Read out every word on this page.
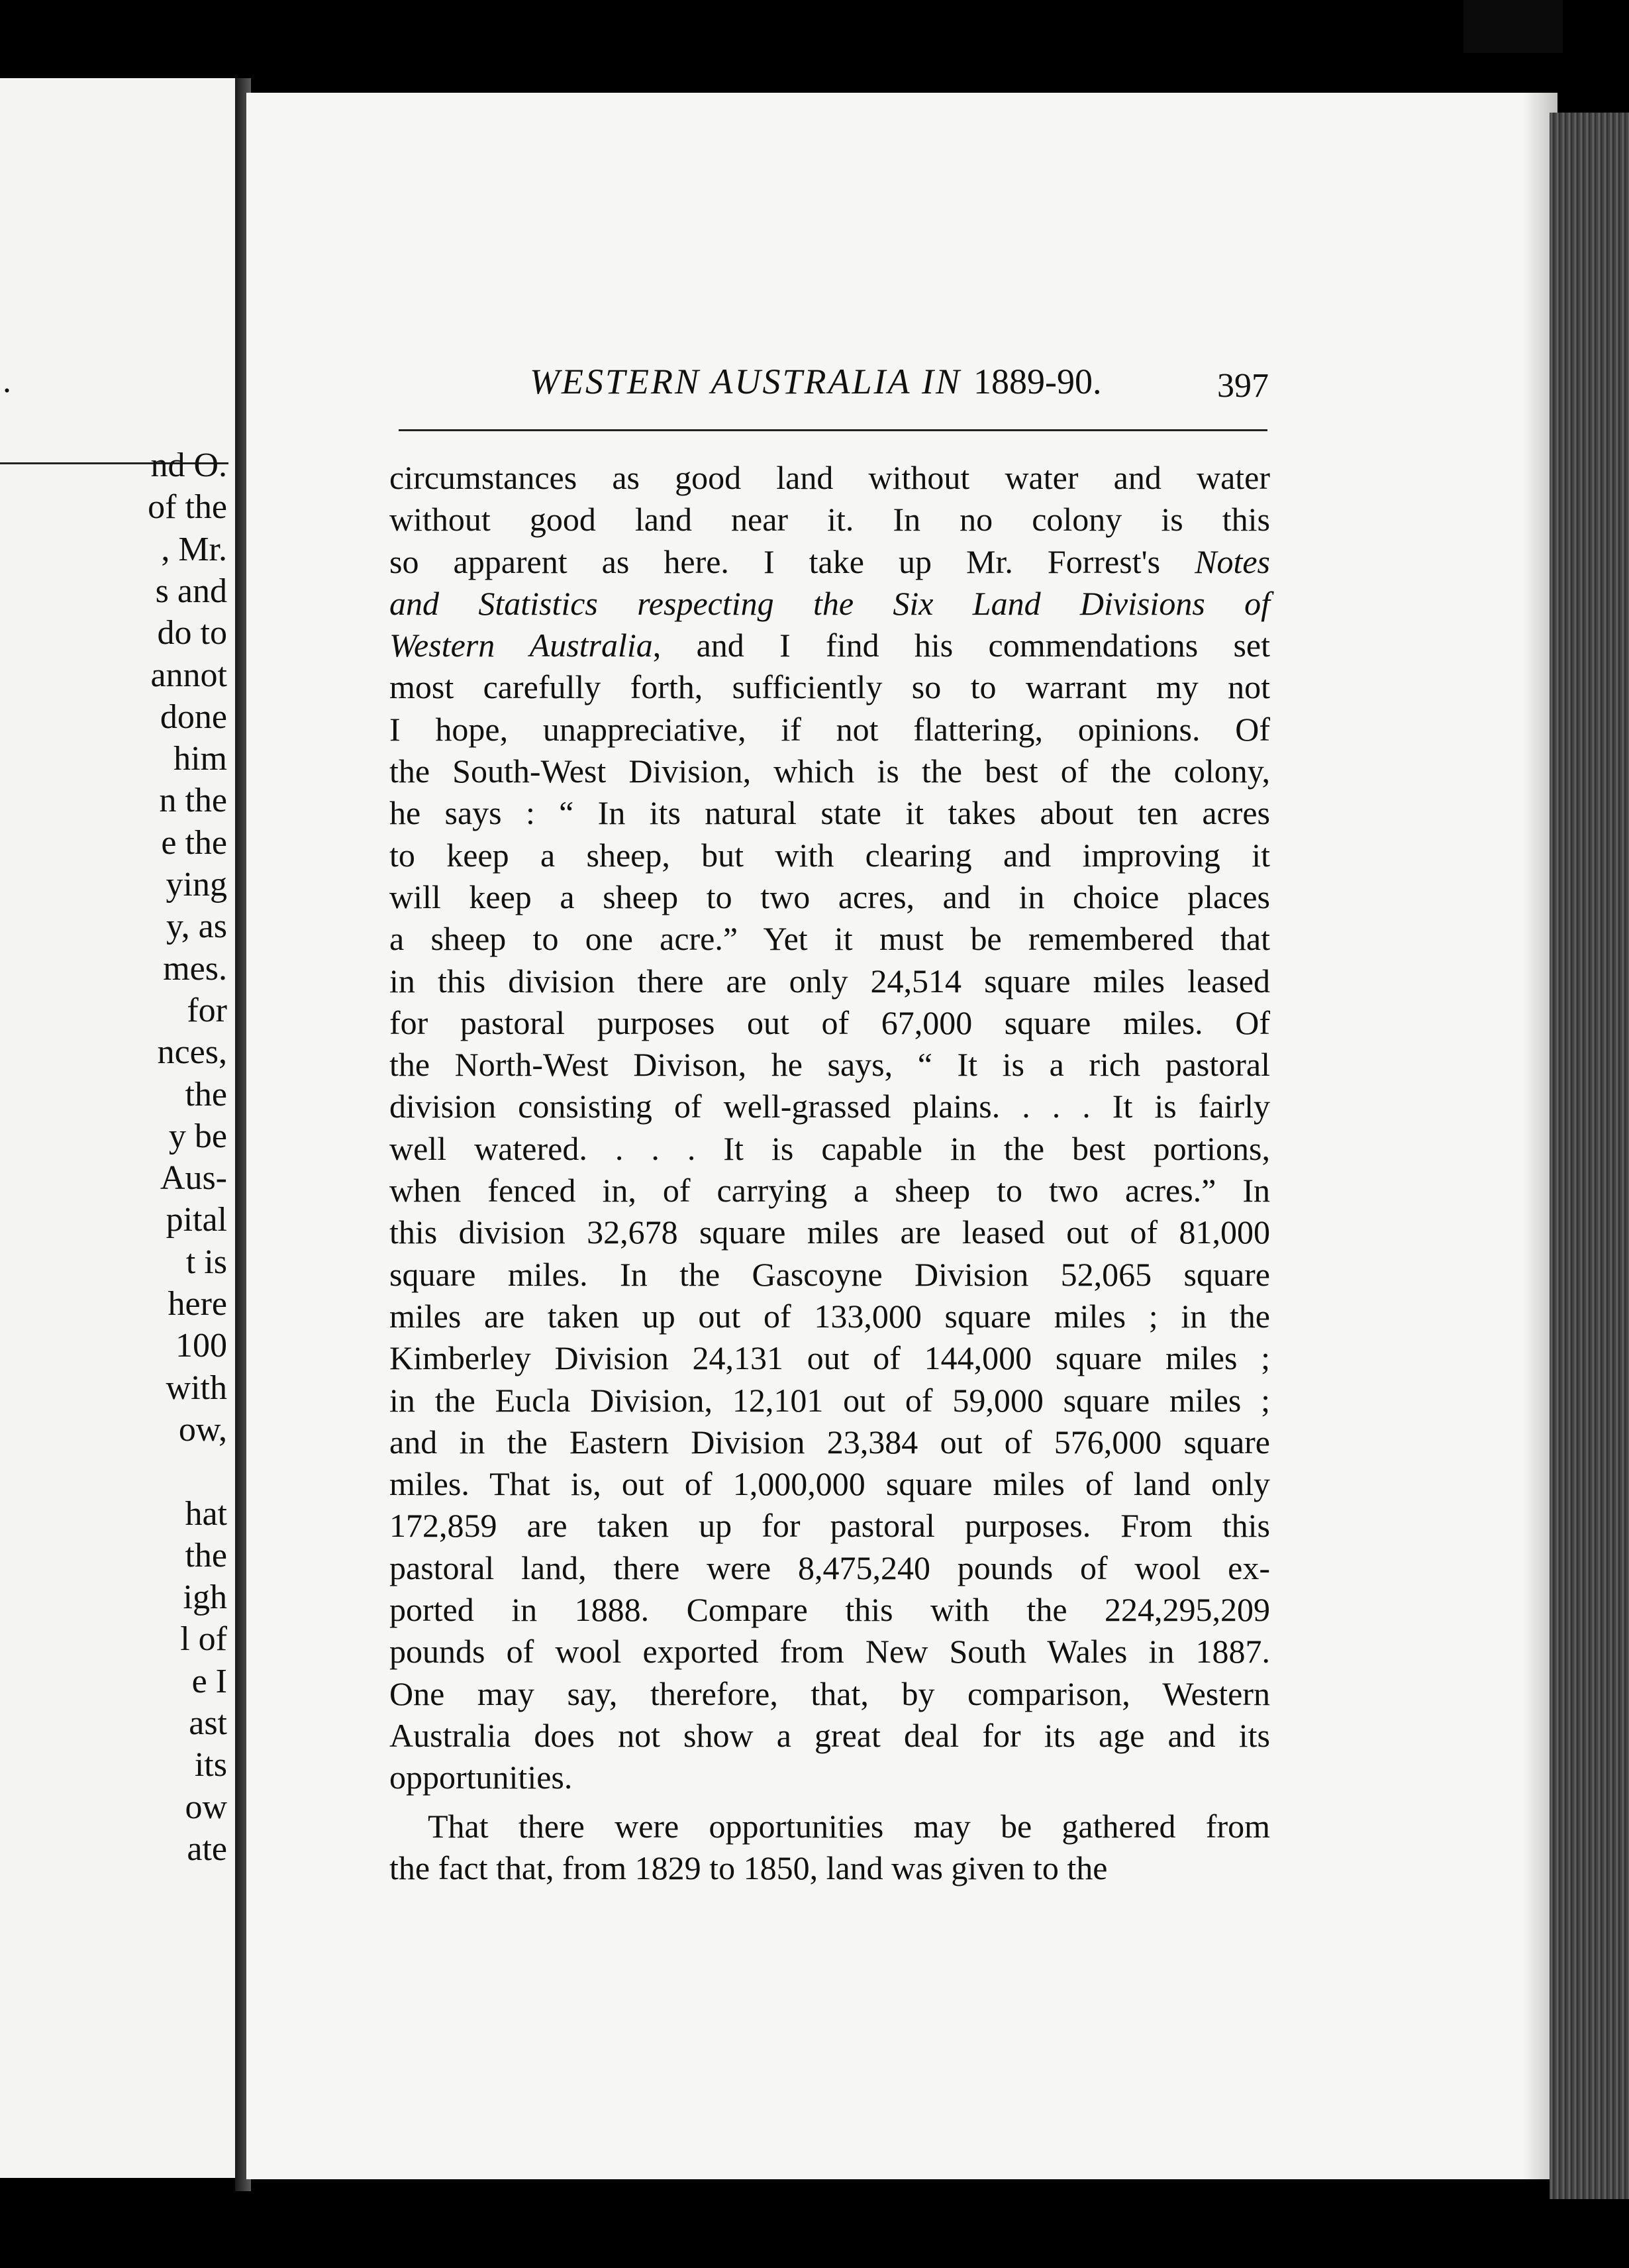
.
nd O.
of the
, Mr.
s and
do to
annot
done
him
n the
e the
ying
y, as
mes.
for
nces,
the
y be
Aus-
pital
t is
here
100
with
ow,
hat
the
igh
l of
e I
ast
its
ow
ate
WESTERN AUSTRALIA IN 1889-90.	397

circumstances as good land without water and water
without good land near it. In no colony is this
so apparent as here. I take up Mr. Forrest's Notes
and Statistics respecting the Six Land Divisions of
Western Australia, and I find his commendations set
most carefully forth, sufficiently so to warrant my not
I hope, unappreciative, if not flattering, opinions. Of
the South-West Division, which is the best of the colony,
he says : “ In its natural state it takes about ten acres
to keep a sheep, but with clearing and improving it
will keep a sheep to two acres, and in choice places
a sheep to one acre.” Yet it must be remembered that
in this division there are only 24,514 square miles leased
for pastoral purposes out of 67,000 square miles. Of
the North-West Divison, he says, “ It is a rich pastoral
division consisting of well-grassed plains. . . . It is fairly
well watered. . . . It is capable in the best portions,
when fenced in, of carrying a sheep to two acres.” In
this division 32,678 square miles are leased out of 81,000
square miles. In the Gascoyne Division 52,065 square
miles are taken up out of 133,000 square miles ; in the
Kimberley Division 24,131 out of 144,000 square miles ;
in the Eucla Division, 12,101 out of 59,000 square miles ;
and in the Eastern Division 23,384 out of 576,000 square
miles. That is, out of 1,000,000 square miles of land only
172,859 are taken up for pastoral purposes. From this
pastoral land, there were 8,475,240 pounds of wool ex-
ported in 1888. Compare this with the 224,295,209
pounds of wool exported from New South Wales in 1887.
One may say, therefore, that, by comparison, Western
Australia does not show a great deal for its age and its
opportunities.

That there were opportunities may be gathered from
the fact that, from 1829 to 1850, land was given to the
